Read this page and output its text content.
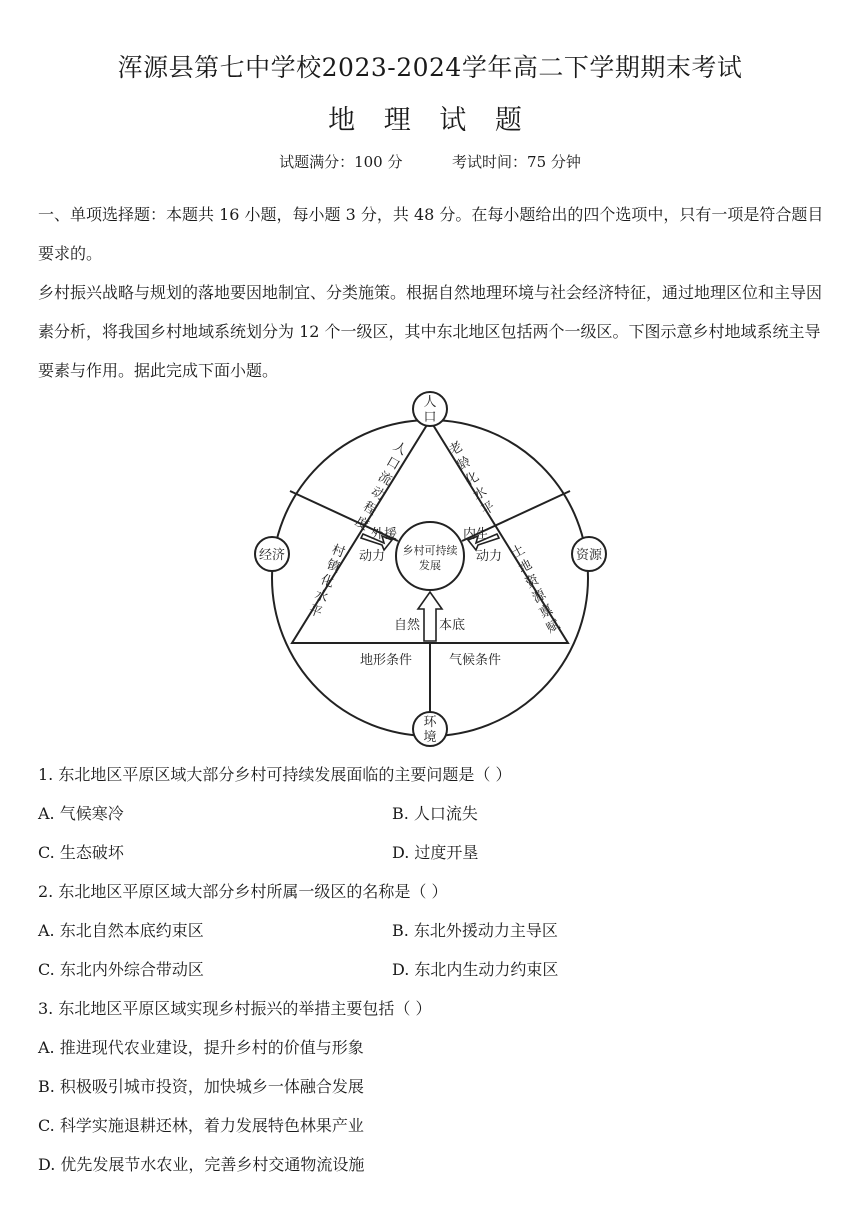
浑源县第七中学校2023-2024学年高二下学期期末考试
地 理 试 题
试题满分：100 分	考试时间：75 分钟
一、单项选择题：本题共 16 小题，每小题 3 分，共 48 分。在每小题给出的四个选项中，只有一项是符合题目要求的。
乡村振兴战略与规划的落地要因地制宜、分类施策。根据自然地理环境与社会经济特征，通过地理区位和主导因素分析，将我国乡村地域系统划分为 12 个一级区，其中东北地区包括两个一级区。下图示意乡村地域系统主导要素与作用。据此完成下面小题。
人
口
经济	资源
环
境
乡村可持续
发展
人
口
流
动
程
度
老
龄
化
水
平
村
镇
化
水
平
土
地
资
源
禀
赋
外援
动力
内生
动力
自然 本底
地形条件	气候条件
1. 东北地区平原区域大部分乡村可持续发展面临的主要问题是（ ）
A. 气候寒冷	B. 人口流失
C. 生态破坏	D. 过度开垦
2. 东北地区平原区域大部分乡村所属一级区的名称是（ ）
A. 东北自然本底约束区	B. 东北外援动力主导区
C. 东北内外综合带动区	D. 东北内生动力约束区
3. 东北地区平原区域实现乡村振兴的举措主要包括（ ）
A. 推进现代农业建设，提升乡村的价值与形象
B. 积极吸引城市投资，加快城乡一体融合发展
C. 科学实施退耕还林，着力发展特色林果产业
D. 优先发展节水农业，完善乡村交通物流设施
